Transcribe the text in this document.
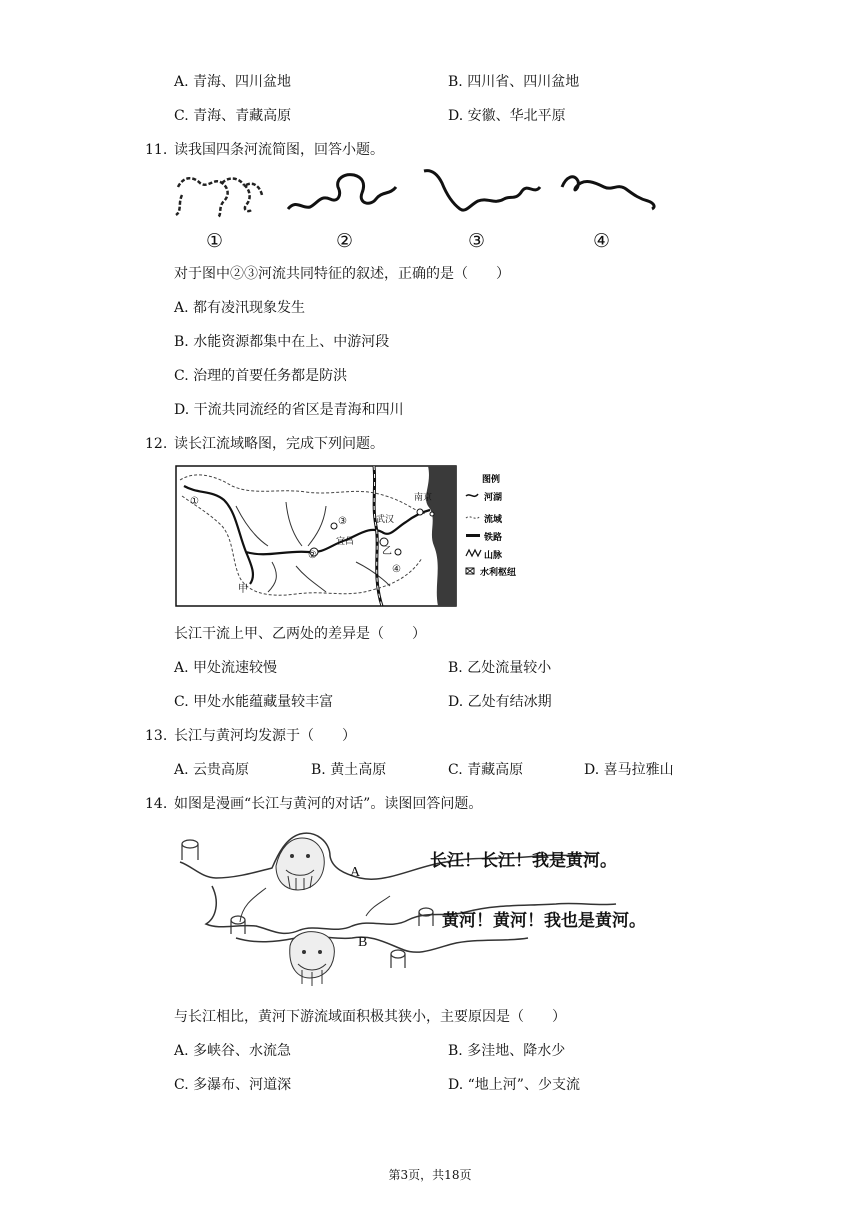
A. 青海、四川盆地	B. 四川省、四川盆地
C. 青海、青藏高原	D. 安徽、华北平原
11. 读我国四条河流简图，回答小题。
①	②	③	④
对于图中②③河流共同特征的叙述，正确的是（　　）
A. 都有凌汛现象发生
B. 水能资源都集中在上、中游河段
C. 治理的首要任务都是防洪
D. 干流共同流经的省区是青海和四川
12. 读长江流域略图，完成下列问题。
南京
武汉
宜昌
甲
乙
①
②
③
④
图例
河湖
流域
铁路
山脉
水利枢纽
长江干流上甲、乙两处的差异是（　　）
A. 甲处流速较慢	B. 乙处流量较小
C. 甲处水能蕴藏量较丰富	D. 乙处有结冰期
13. 长江与黄河均发源于（　　）
A. 云贵高原	B. 黄土高原	C. 青藏高原	D. 喜马拉雅山
14. 如图是漫画“长江与黄河的对话”。读图回答问题。
A
B
长江！长江！我是黄河。
黄河！黄河！我也是黄河。
与长江相比，黄河下游流域面积极其狭小，主要原因是（　　）
A. 多峡谷、水流急	B. 多洼地、降水少
C. 多瀑布、河道深	D. “地上河”、少支流
第3页，共18页
